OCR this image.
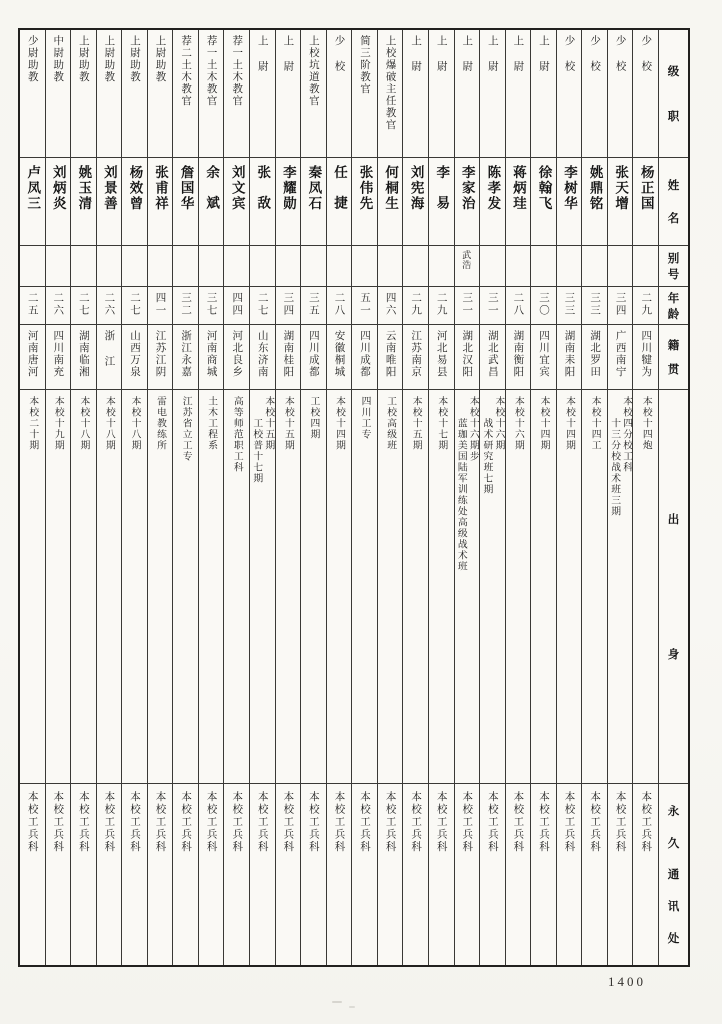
级
职
姓
名
别
号
年
龄
籍
贯
出
身
永
久
通
讯
处
少校
杨正国
二九
四川犍为
本校十四炮
本校工兵科
少校
张天增
三四
广西南宁
本校四分校工科
十三分校战术班三期
本校工兵科
少校
姚鼎铭
三三
湖北罗田
本校十四工
本校工兵科
少校
李树华
三三
湖南耒阳
本校十四期
本校工兵科
上尉
徐翰飞
三〇
四川宜宾
本校十四期
本校工兵科
上尉
蒋炳珪
二八
湖南衡阳
本校十六期
本校工兵科
上尉
陈孝发
三一
湖北武昌
本校十六期
战术研究班七期
本校工兵科
上尉
李家治
武浩
三一
湖北汉阳
本校十六期步
蓝珈美国陆军训练处高级战术班
本校工兵科
上尉
李易
二九
河北易县
本校十七期
本校工兵科
上尉
刘宪海
二九
江苏南京
本校十五期
本校工兵科
上校爆破主任教官
何桐生
四六
云南唯阳
工校高级班
本校工兵科
简三阶教官
张伟先
五一
四川成都
四川工专
本校工兵科
少校
任捷
二八
安徽桐城
本校十四期
本校工兵科
上校坑道教官
秦凤石
三五
四川成都
工校四期
本校工兵科
上尉
李耀勋
三四
湖南桂阳
本校十五期
本校工兵科
上尉
张敌
二七
山东济南
本校十五期
工校普十七期
本校工兵科
荐一土木教官
刘文宾
四四
河北良乡
高等师范职工科
本校工兵科
荐一土木教官
余斌
三七
河南商城
土木工程系
本校工兵科
荐二土木教官
詹国华
三二
浙江永嘉
江苏省立工专
本校工兵科
上尉助教
张甫祥
四一
江苏江阴
雷电教练所
本校工兵科
上尉助教
杨效曾
二七
山西万泉
本校十八期
本校工兵科
上尉助教
刘景善
二六
浙江
本校十八期
本校工兵科
上尉助教
姚玉清
二七
湖南临湘
本校十八期
本校工兵科
中尉助教
刘炳炎
二六
四川南充
本校十九期
本校工兵科
少尉助教
卢凤三
二五
河南唐河
本校二十期
本校工兵科
1400
